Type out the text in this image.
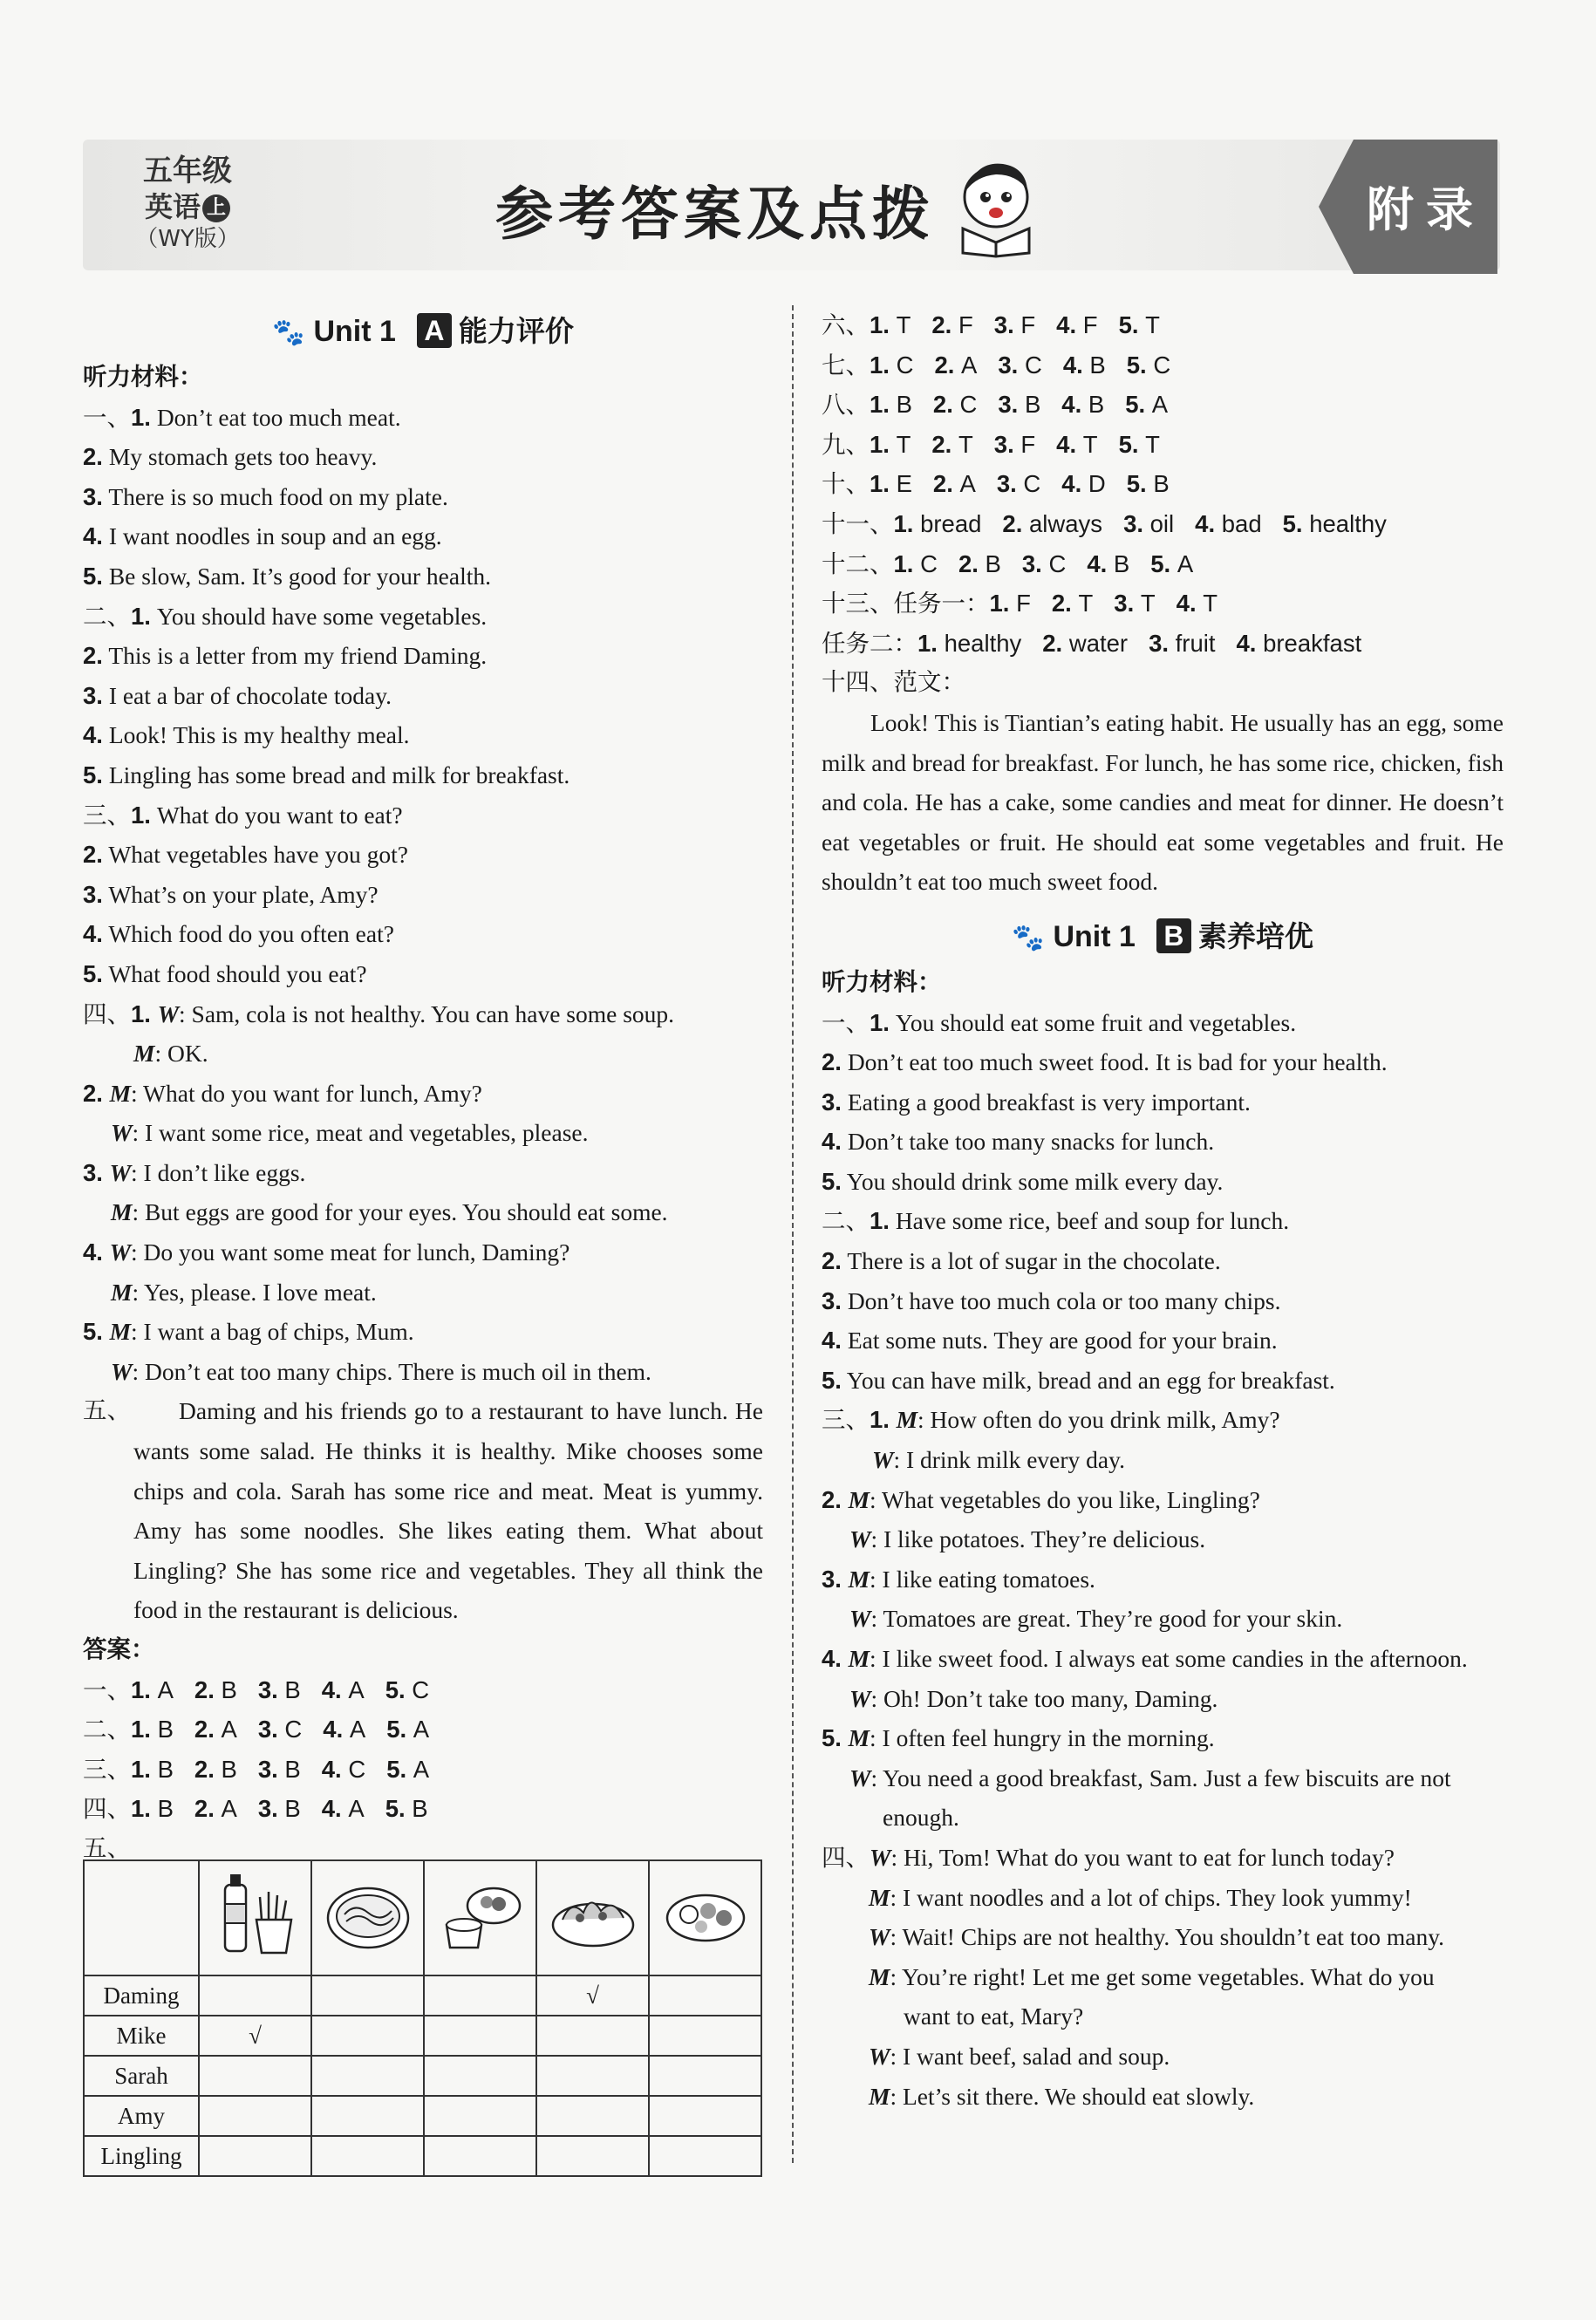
五年级
英语 上
（WY版）	参考答案及点拨	附录
🐾 Unit 1 A 能力评价
听力材料：
一、1. Don’t eat too much meat.
2. My stomach gets too heavy.
3. There is so much food on my plate.
4. I want noodles in soup and an egg.
5. Be slow, Sam. It’s good for your health.
二、1. You should have some vegetables.
2. This is a letter from my friend Daming.
3. I eat a bar of chocolate today.
4. Look! This is my healthy meal.
5. Lingling has some bread and milk for breakfast.
三、1. What do you want to eat?
2. What vegetables have you got?
3. What’s on your plate, Amy?
4. Which food do you often eat?
5. What food should you eat?
四、1. W: Sam, cola is not healthy. You can have some soup.
M: OK.
2. M: What do you want for lunch, Amy?
W: I want some rice, meat and vegetables, please.
3. W: I don’t like eggs.
M: But eggs are good for your eyes. You should eat some.
4. W: Do you want some meat for lunch, Daming?
M: Yes, please. I love meat.
5. M: I want a bag of chips, Mum.
W: Don’t eat too many chips. There is much oil in them.
五、	Daming and his friends go to a restaurant to have lunch. He wants some salad. He thinks it is healthy. Mike chooses some chips and cola. Sarah has some rice and meat. Meat is yummy. Amy has some noodles. She likes eating them. What about Lingling? She has some rice and vegetables. They all think the food in the restaurant is delicious.
答案：
一、1. A 2. B 3. B 4. A 5. C
二、1. B 2. A 3. C 4. A 5. A
三、1. B 2. B 3. B 4. C 5. A
四、1. B 2. A 3. B 4. A 5. B
五、

Daming				√	
Mike	√				
Sarah					
Amy					
Lingling					
六、1. T 2. F 3. F 4. F 5. T
七、1. C 2. A 3. C 4. B 5. C
八、1. B 2. C 3. B 4. B 5. A
九、1. T 2. T 3. F 4. T 5. T
十、1. E 2. A 3. C 4. D 5. B
十一、1. bread 2. always 3. oil 4. bad 5. healthy
十二、1. C 2. B 3. C 4. B 5. A
十三、任务一：1. F 2. T 3. T 4. T
任务二：1. healthy 2. water 3. fruit 4. breakfast
十四、范文：
Look! This is Tiantian’s eating habit. He usually has an egg, some milk and bread for breakfast. For lunch, he has some rice, chicken, fish and cola. He has a cake, some candies and meat for dinner. He doesn’t eat vegetables or fruit. He should eat some vegetables and fruit. He shouldn’t eat too much sweet food.
🐾 Unit 1 B 素养培优
听力材料：
一、1. You should eat some fruit and vegetables.
2. Don’t eat too much sweet food. It is bad for your health.
3. Eating a good breakfast is very important.
4. Don’t take too many snacks for lunch.
5. You should drink some milk every day.
二、1. Have some rice, beef and soup for lunch.
2. There is a lot of sugar in the chocolate.
3. Don’t have too much cola or too many chips.
4. Eat some nuts. They are good for your brain.
5. You can have milk, bread and an egg for breakfast.
三、1. M: How often do you drink milk, Amy?
W: I drink milk every day.
2. M: What vegetables do you like, Lingling?
W: I like potatoes. They’re delicious.
3. M: I like eating tomatoes.
W: Tomatoes are great. They’re good for your skin.
4. M: I like sweet food. I always eat some candies in the afternoon.
W: Oh! Don’t take too many, Daming.
5. M: I often feel hungry in the morning.
W: You need a good breakfast, Sam. Just a few biscuits are not
enough.
四、W: Hi, Tom! What do you want to eat for lunch today?
M: I want noodles and a lot of chips. They look yummy!
W: Wait! Chips are not healthy. You shouldn’t eat too many.
M: You’re right! Let me get some vegetables. What do you
want to eat, Mary?
W: I want beef, salad and soup.
M: Let’s sit there. We should eat slowly.
